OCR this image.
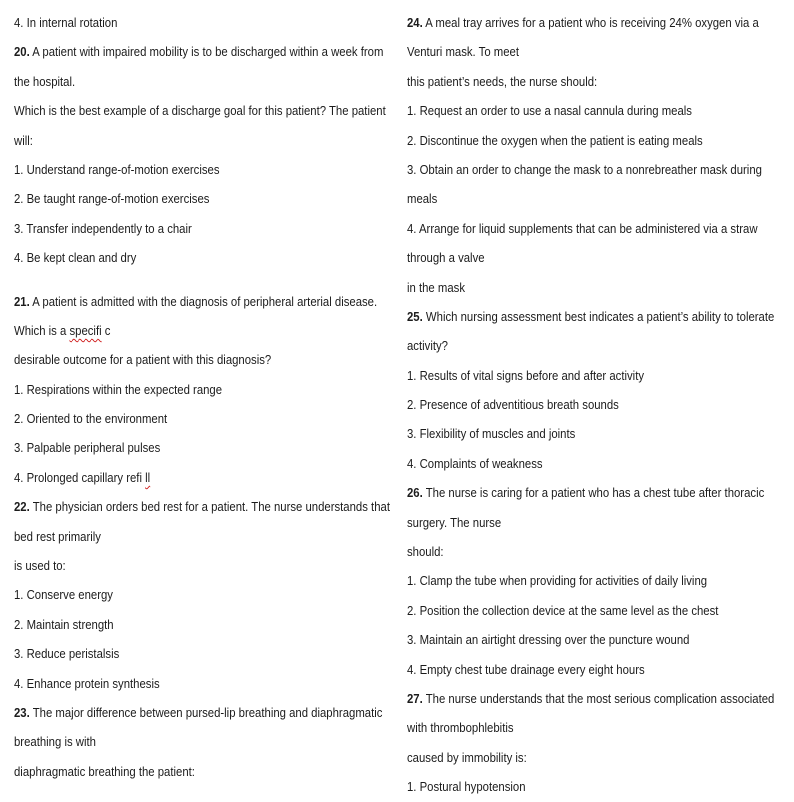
4. In internal rotation
20. A patient with impaired mobility is to be discharged within a week from
the hospital.
Which is the best example of a discharge goal for this patient? The patient
will:
1. Understand range-of-motion exercises
2. Be taught range-of-motion exercises
3. Transfer independently to a chair
4. Be kept clean and dry
21. A patient is admitted with the diagnosis of peripheral arterial disease.
Which is a specifi c
desirable outcome for a patient with this diagnosis?
1. Respirations within the expected range
2. Oriented to the environment
3. Palpable peripheral pulses
4. Prolonged capillary refi ll
22. The physician orders bed rest for a patient. The nurse understands that
bed rest primarily
is used to:
1. Conserve energy
2. Maintain strength
3. Reduce peristalsis
4. Enhance protein synthesis
23. The major difference between pursed-lip breathing and diaphragmatic
breathing is with
diaphragmatic breathing the patient:
24. A meal tray arrives for a patient who is receiving 24% oxygen via a
Venturi mask. To meet
this patient’s needs, the nurse should:
1. Request an order to use a nasal cannula during meals
2. Discontinue the oxygen when the patient is eating meals
3. Obtain an order to change the mask to a nonrebreather mask during
meals
4. Arrange for liquid supplements that can be administered via a straw
through a valve
in the mask
25. Which nursing assessment best indicates a patient’s ability to tolerate
activity?
1. Results of vital signs before and after activity
2. Presence of adventitious breath sounds
3. Flexibility of muscles and joints
4. Complaints of weakness
26. The nurse is caring for a patient who has a chest tube after thoracic
surgery. The nurse
should:
1. Clamp the tube when providing for activities of daily living
2. Position the collection device at the same level as the chest
3. Maintain an airtight dressing over the puncture wound
4. Empty chest tube drainage every eight hours
27. The nurse understands that the most serious complication associated
with thrombophlebitis
caused by immobility is:
1. Postural hypotension
